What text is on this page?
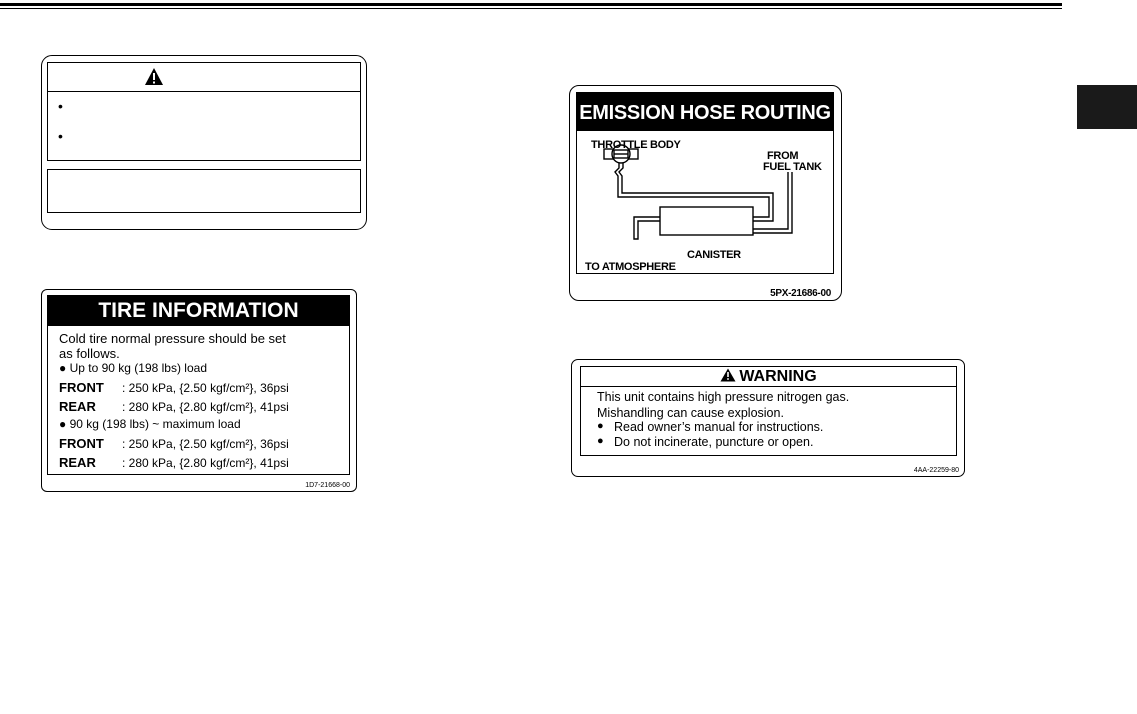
•
•
TIRE INFORMATION
Cold tire normal pressure should be set
as follows.
● Up to 90 kg (198 lbs) load
FRONT : 250 kPa, {2.50 kgf/cm²}, 36psi
REAR : 280 kPa, {2.80 kgf/cm²}, 41psi
● 90 kg (198 lbs) ~ maximum load
FRONT : 250 kPa, {2.50 kgf/cm²}, 36psi
REAR : 280 kPa, {2.80 kgf/cm²}, 41psi
1D7-21668-00
EMISSION HOSE ROUTING
THROTTLE BODY
FROM
FUEL TANK
CANISTER
TO ATMOSPHERE
5PX-21686-00
WARNING
This unit contains high pressure nitrogen gas.
Mishandling can cause explosion.
● Read owner’s manual for instructions.
● Do not incinerate, puncture or open.
4AA-22259-80
